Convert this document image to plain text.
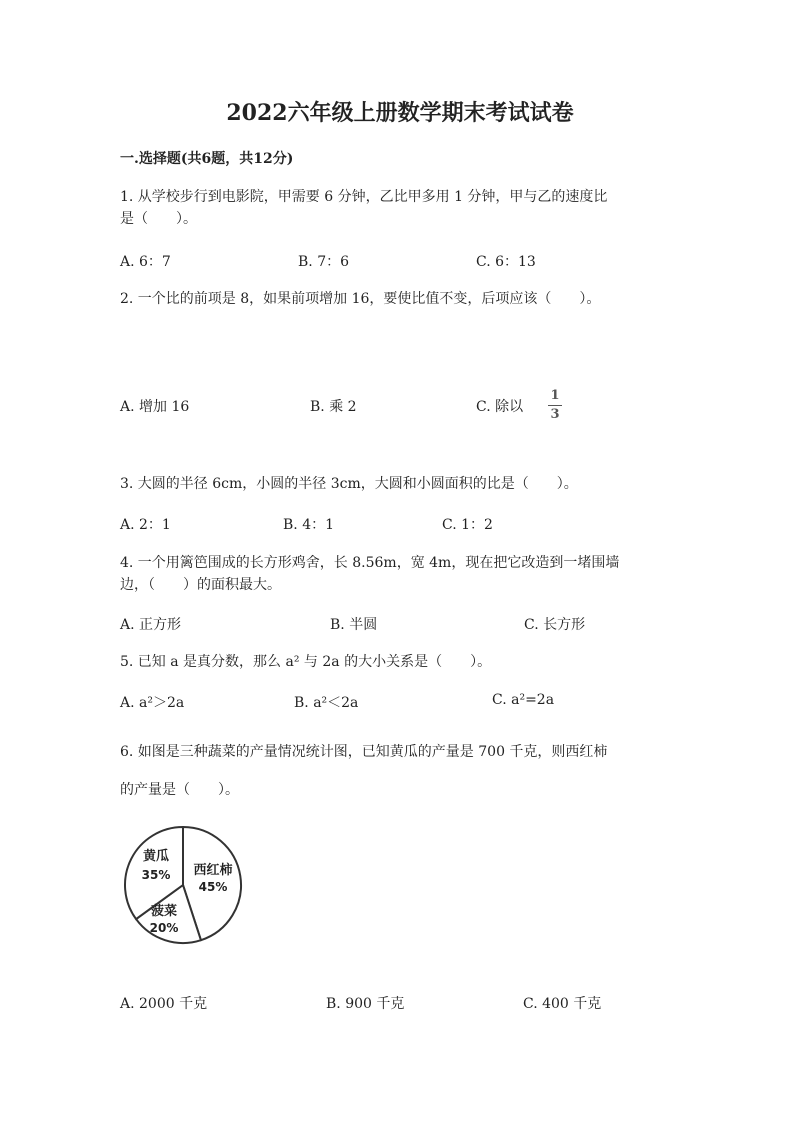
2022六年级上册数学期末考试试卷
一.选择题(共6题，共12分)
1. 从学校步行到电影院，甲需要 6 分钟，乙比甲多用 1 分钟，甲与乙的速度比
是（　　）。
A. 6：7	B. 7：6	C. 6：13
2. 一个比的前项是 8，如果前项增加 16，要使比值不变，后项应该（　　）。
A. 增加 16	B. 乘 2	C. 除以
1
3
3. 大圆的半径 6cm，小圆的半径 3cm，大圆和小圆面积的比是（　　）。
A. 2：1	B. 4：1	C. 1：2
4. 一个用篱笆围成的长方形鸡舍，长 8.56m，宽 4m，现在把它改造到一堵围墙
边，（　　）的面积最大。
A. 正方形	B. 半圆	C. 长方形
5. 已知 a 是真分数，那么 a² 与 2a 的大小关系是（　　）。
A. a²＞2a	B. a²＜2a	C. a²=2a
6. 如图是三种蔬菜的产量情况统计图，已知黄瓜的产量是 700 千克，则西红柿
的产量是（　　）。
黄瓜
35% 西红柿
45%
菠菜
20%
A. 2000 千克	B. 900 千克	C. 400 千克
